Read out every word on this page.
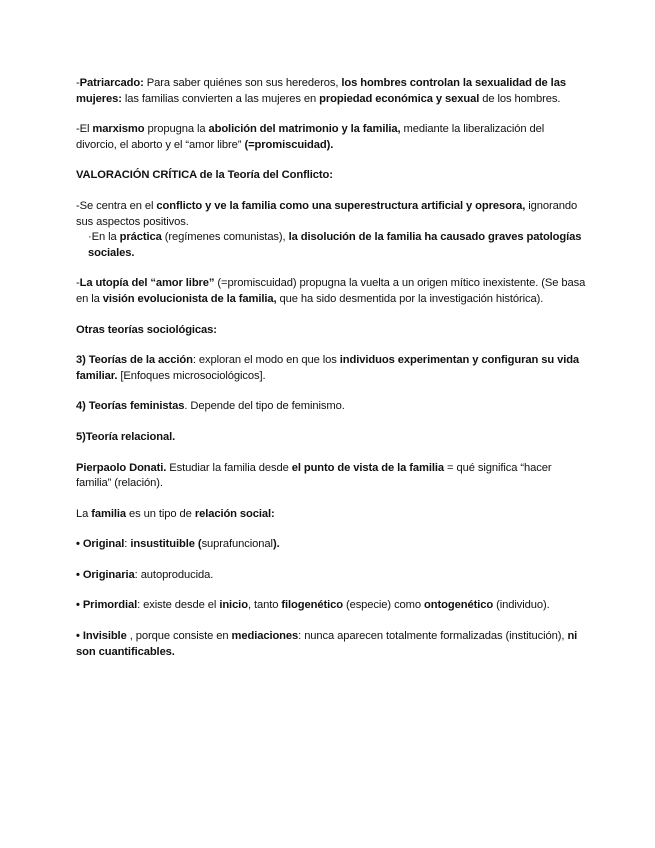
-Patriarcado: Para saber quiénes son sus herederos, los hombres controlan la sexualidad de las mujeres: las familias convierten a las mujeres en propiedad económica y sexual de los hombres.

-El marxismo propugna la abolición del matrimonio y la familia, mediante la liberalización del divorcio, el aborto y el “amor libre” (=promiscuidad).

VALORACIÓN CRÍTICA de la Teoría del Conflicto:

-Se centra en el conflicto y ve la familia como una superestructura artificial y opresora, ignorando sus aspectos positivos.

·En la práctica (regímenes comunistas), la disolución de la familia ha causado graves patologías sociales.

-La utopía del “amor libre” (=promiscuidad) propugna la vuelta a un origen mítico inexistente. (Se basa en la visión evolucionista de la familia, que ha sido desmentida por la investigación histórica).

Otras teorías sociológicas:

3) Teorías de la acción: exploran el modo en que los individuos experimentan y configuran su vida familiar. [Enfoques microsociológicos].

4) Teorías feministas. Depende del tipo de feminismo.

5)Teoría relacional.

Pierpaolo Donati. Estudiar la familia desde el punto de vista de la familia = qué significa “hacer familia” (relación).

La familia es un tipo de relación social:

• Original: insustituible (suprafuncional).

• Originaria: autoproducida.

• Primordial: existe desde el inicio, tanto filogenético (especie) como ontogenético (individuo).

• Invisible , porque consiste en mediaciones: nunca aparecen totalmente formalizadas (institución), ni son cuantificables.
